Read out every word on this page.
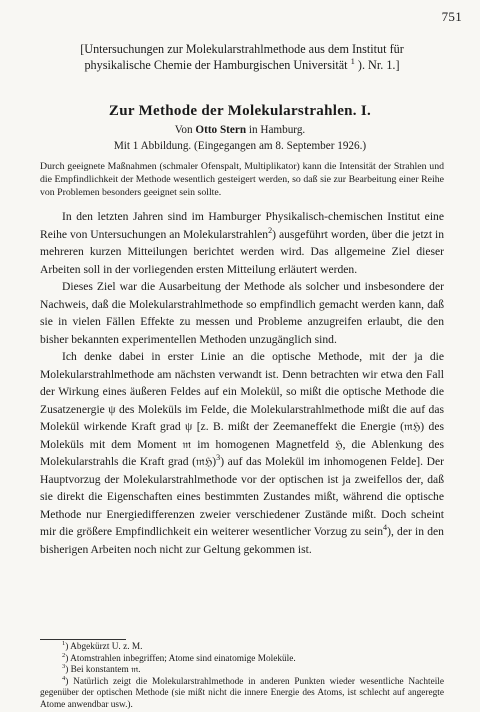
751
[Untersuchungen zur Molekularstrahlmethode aus dem Institut für physikalische Chemie der Hamburgischen Universität $^1$ ). Nr. 1.]
Zur Methode der Molekularstrahlen. I.
Von Otto Stern in Hamburg.
Mit 1 Abbildung. (Eingegangen am 8. September 1926.)

Durch geeignete Maßnahmen (schmaler Ofenspalt, Multiplikator) kann die Intensität der Strahlen und die Empfindlichkeit der Methode wesentlich gesteigert werden, so daß sie zur Bearbeitung einer Reihe von Problemen besonders geeignet sein sollte.

In den letzten Jahren sind im Hamburger Physikalisch-chemischen Institut eine Reihe von Untersuchungen an Molekularstrahlen$^2$) ausgeführt worden, über die jetzt in mehreren kurzen Mitteilungen berichtet werden wird. Das allgemeine Ziel dieser Arbeiten soll in der vorliegenden ersten Mitteilung erläutert werden.

Dieses Ziel war die Ausarbeitung der Methode als solcher und insbesondere der Nachweis, daß die Molekularstrahlmethode so empfindlich gemacht werden kann, daß sie in vielen Fällen Effekte zu messen und Probleme anzugreifen erlaubt, die den bisher bekannten experimentellen Methoden unzugänglich sind.

Ich denke dabei in erster Linie an die optische Methode, mit der ja die Molekularstrahlmethode am nächsten verwandt ist. Denn betrachten wir etwa den Fall der Wirkung eines äußeren Feldes auf ein Molekül, so mißt die optische Methode die Zusatzenergie ψ des Moleküls im Felde, die Molekularstrahlmethode mißt die auf das Molekül wirkende Kraft grad ψ [z. B. mißt der Zeemaneffekt die Energie (𝔪ℌ) des Moleküls mit dem Moment 𝔪 im homogenen Magnetfeld ℌ, die Ablenkung des Molekularstrahls die Kraft grad (𝔪ℌ)$^3$) auf das Molekül im inhomogenen Felde]. Der Hauptvorzug der Molekularstrahlmethode vor der optischen ist ja zweifellos der, daß sie direkt die Eigenschaften eines bestimmten Zustandes mißt, während die optische Methode nur Energiedifferenzen zweier verschiedener Zustände mißt. Doch scheint mir die größere Empfindlichkeit ein weiterer wesentlicher Vorzug zu sein$^4$), der in den bisherigen Arbeiten noch nicht zur Geltung gekommen ist.

$^1$) Abgekürzt U. z. M.

$^2$) Atomstrahlen inbegriffen; Atome sind einatomige Moleküle.

$^3$) Bei konstantem 𝔪.

$^4$) Natürlich zeigt die Molekularstrahlmethode in anderen Punkten wieder wesentliche Nachteile gegenüber der optischen Methode (sie mißt nicht die innere Energie des Atoms, ist schlecht auf angeregte Atome anwendbar usw.).
